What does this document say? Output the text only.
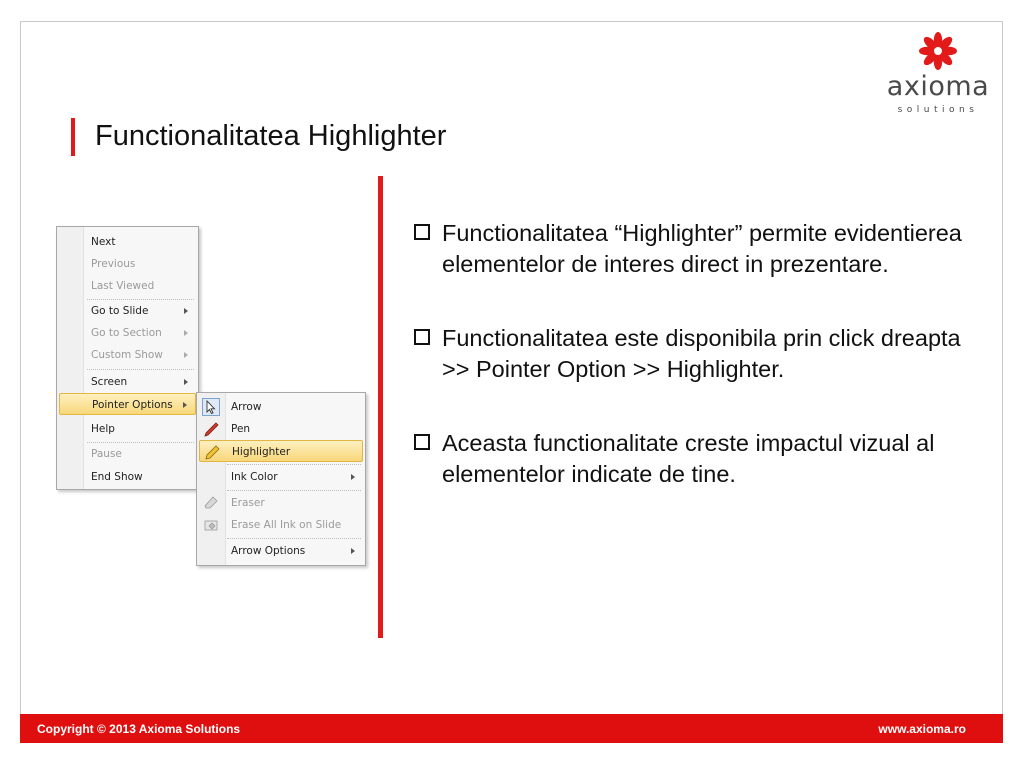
axioma
solutions
Functionalitatea Highlighter
Next
Previous
Last Viewed
Go to Slide
Go to Section
Custom Show
Screen
Pointer Options
Help
Pause
End Show
Arrow
Pen
Highlighter
Ink Color
Eraser
Erase All Ink on Slide
Arrow Options
Functionalitatea “Highlighter” permite evidentierea elementelor de interes direct in prezentare.
Functionalitatea este disponibila prin click dreapta >> Pointer Option >> Highlighter.
Aceasta functionalitate creste impactul vizual al elementelor indicate de tine.
Copyright © 2013 Axioma Solutions	www.axioma.ro
